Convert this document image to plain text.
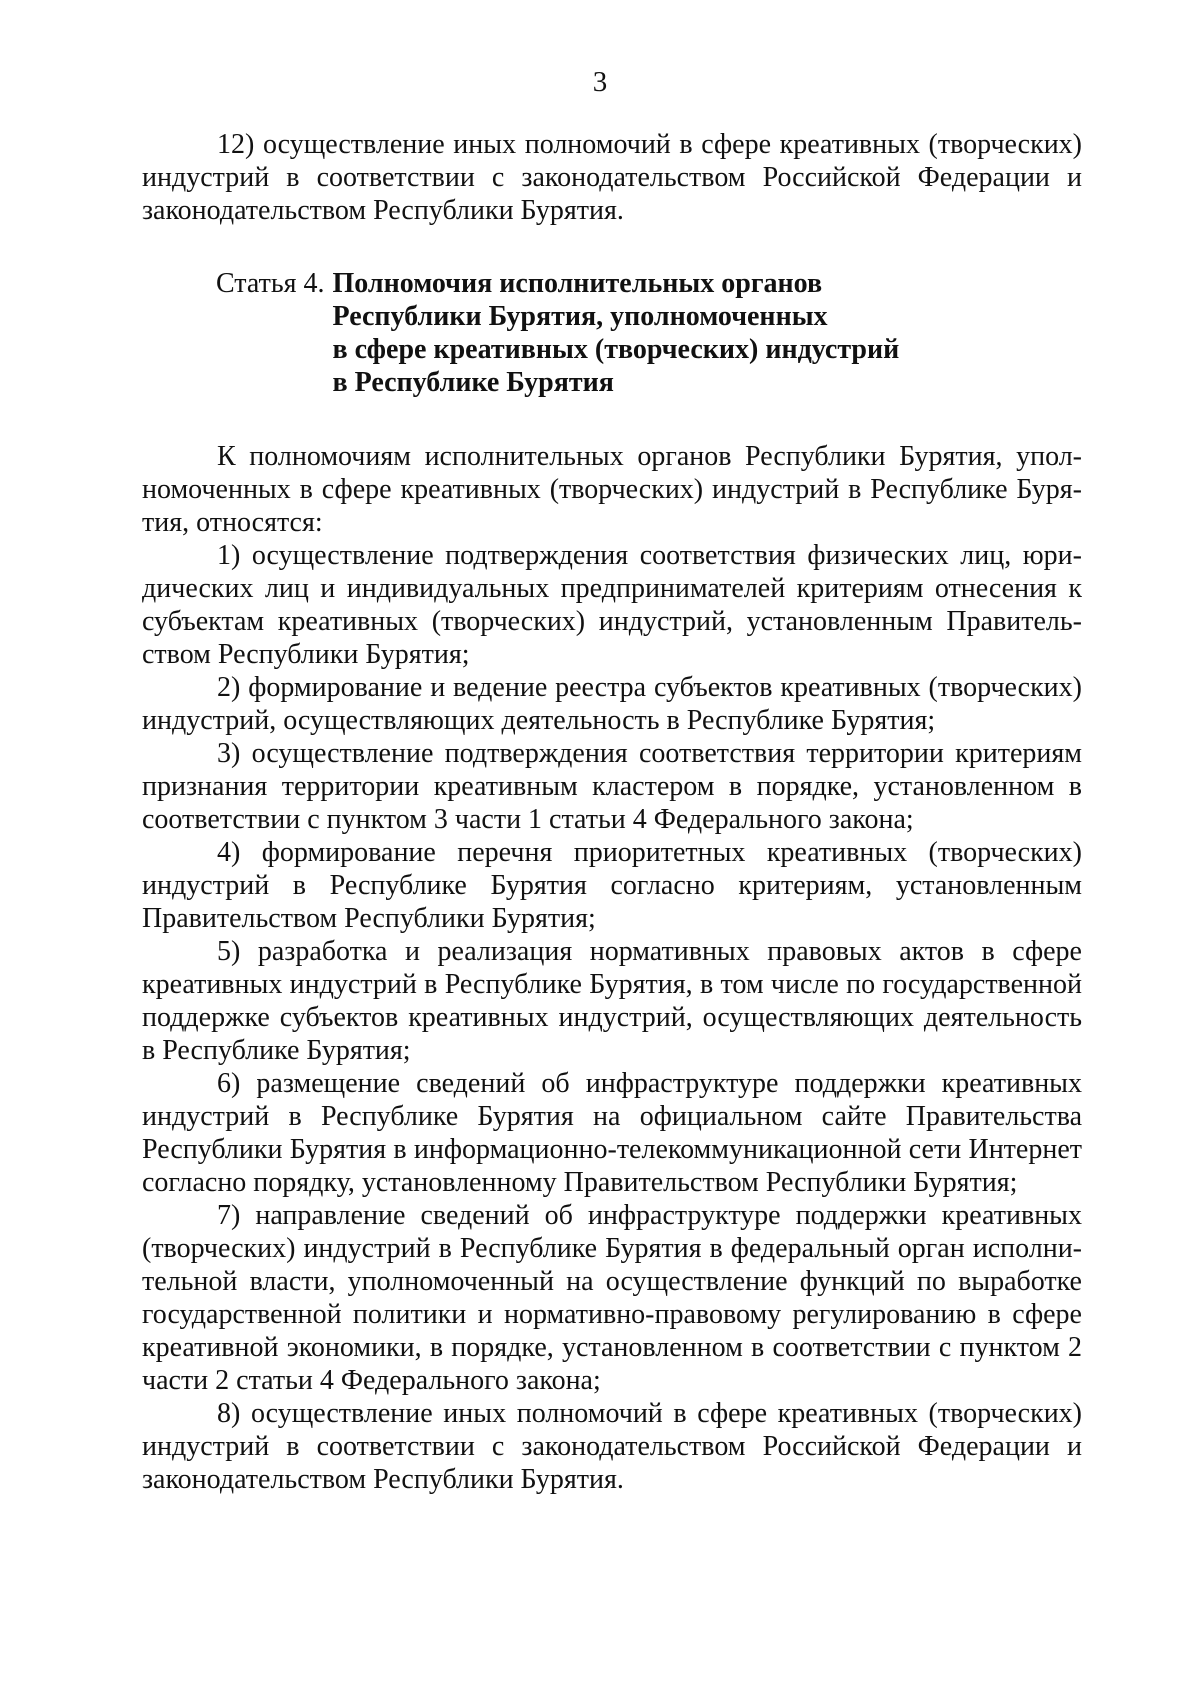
3

12) осуществление иных полномочий в сфере креативных (творческих) индустрий в соответствии с законодательством Российской Федерации и законодательством Республики Бурятия.

Статья 4. Полномочия исполнительных органов
Республики Бурятия, уполномоченных
в сфере креативных (творческих) индустрий
в Республике Бурятия

К полномочиям исполнительных органов Республики Бурятия, уполномоченных в сфере креативных (творческих) индустрий в Республике Бурятия, относятся:

1) осуществление подтверждения соответствия физических лиц, юридических лиц и индивидуальных предпринимателей критериям отнесения к субъектам креативных (творческих) индустрий, установленным Правительством Республики Бурятия;

2) формирование и ведение реестра субъектов креативных (творческих) индустрий, осуществляющих деятельность в Республике Бурятия;

3) осуществление подтверждения соответствия территории критериям признания территории креативным кластером в порядке, установленном в соответствии с пунктом 3 части 1 статьи 4 Федерального закона;

4) формирование перечня приоритетных креативных (творческих) индустрий в Республике Бурятия согласно критериям, установленным Правительством Республики Бурятия;

5) разработка и реализация нормативных правовых актов в сфере креативных индустрий в Республике Бурятия, в том числе по государственной поддержке субъектов креативных индустрий, осуществляющих деятельность в Республике Бурятия;

6) размещение сведений об инфраструктуре поддержки креативных индустрий в Республике Бурятия на официальном сайте Правительства Республики Бурятия в информационно-телекоммуникационной сети Интернет согласно порядку, установленному Правительством Республики Бурятия;

7) направление сведений об инфраструктуре поддержки креативных (творческих) индустрий в Республике Бурятия в федеральный орган исполнительной власти, уполномоченный на осуществление функций по выработке государственной политики и нормативно-правовому регулированию в сфере креативной экономики, в порядке, установленном в соответствии с пунктом 2 части 2 статьи 4 Федерального закона;

8) осуществление иных полномочий в сфере креативных (творческих) индустрий в соответствии с законодательством Российской Федерации и законодательством Республики Бурятия.
